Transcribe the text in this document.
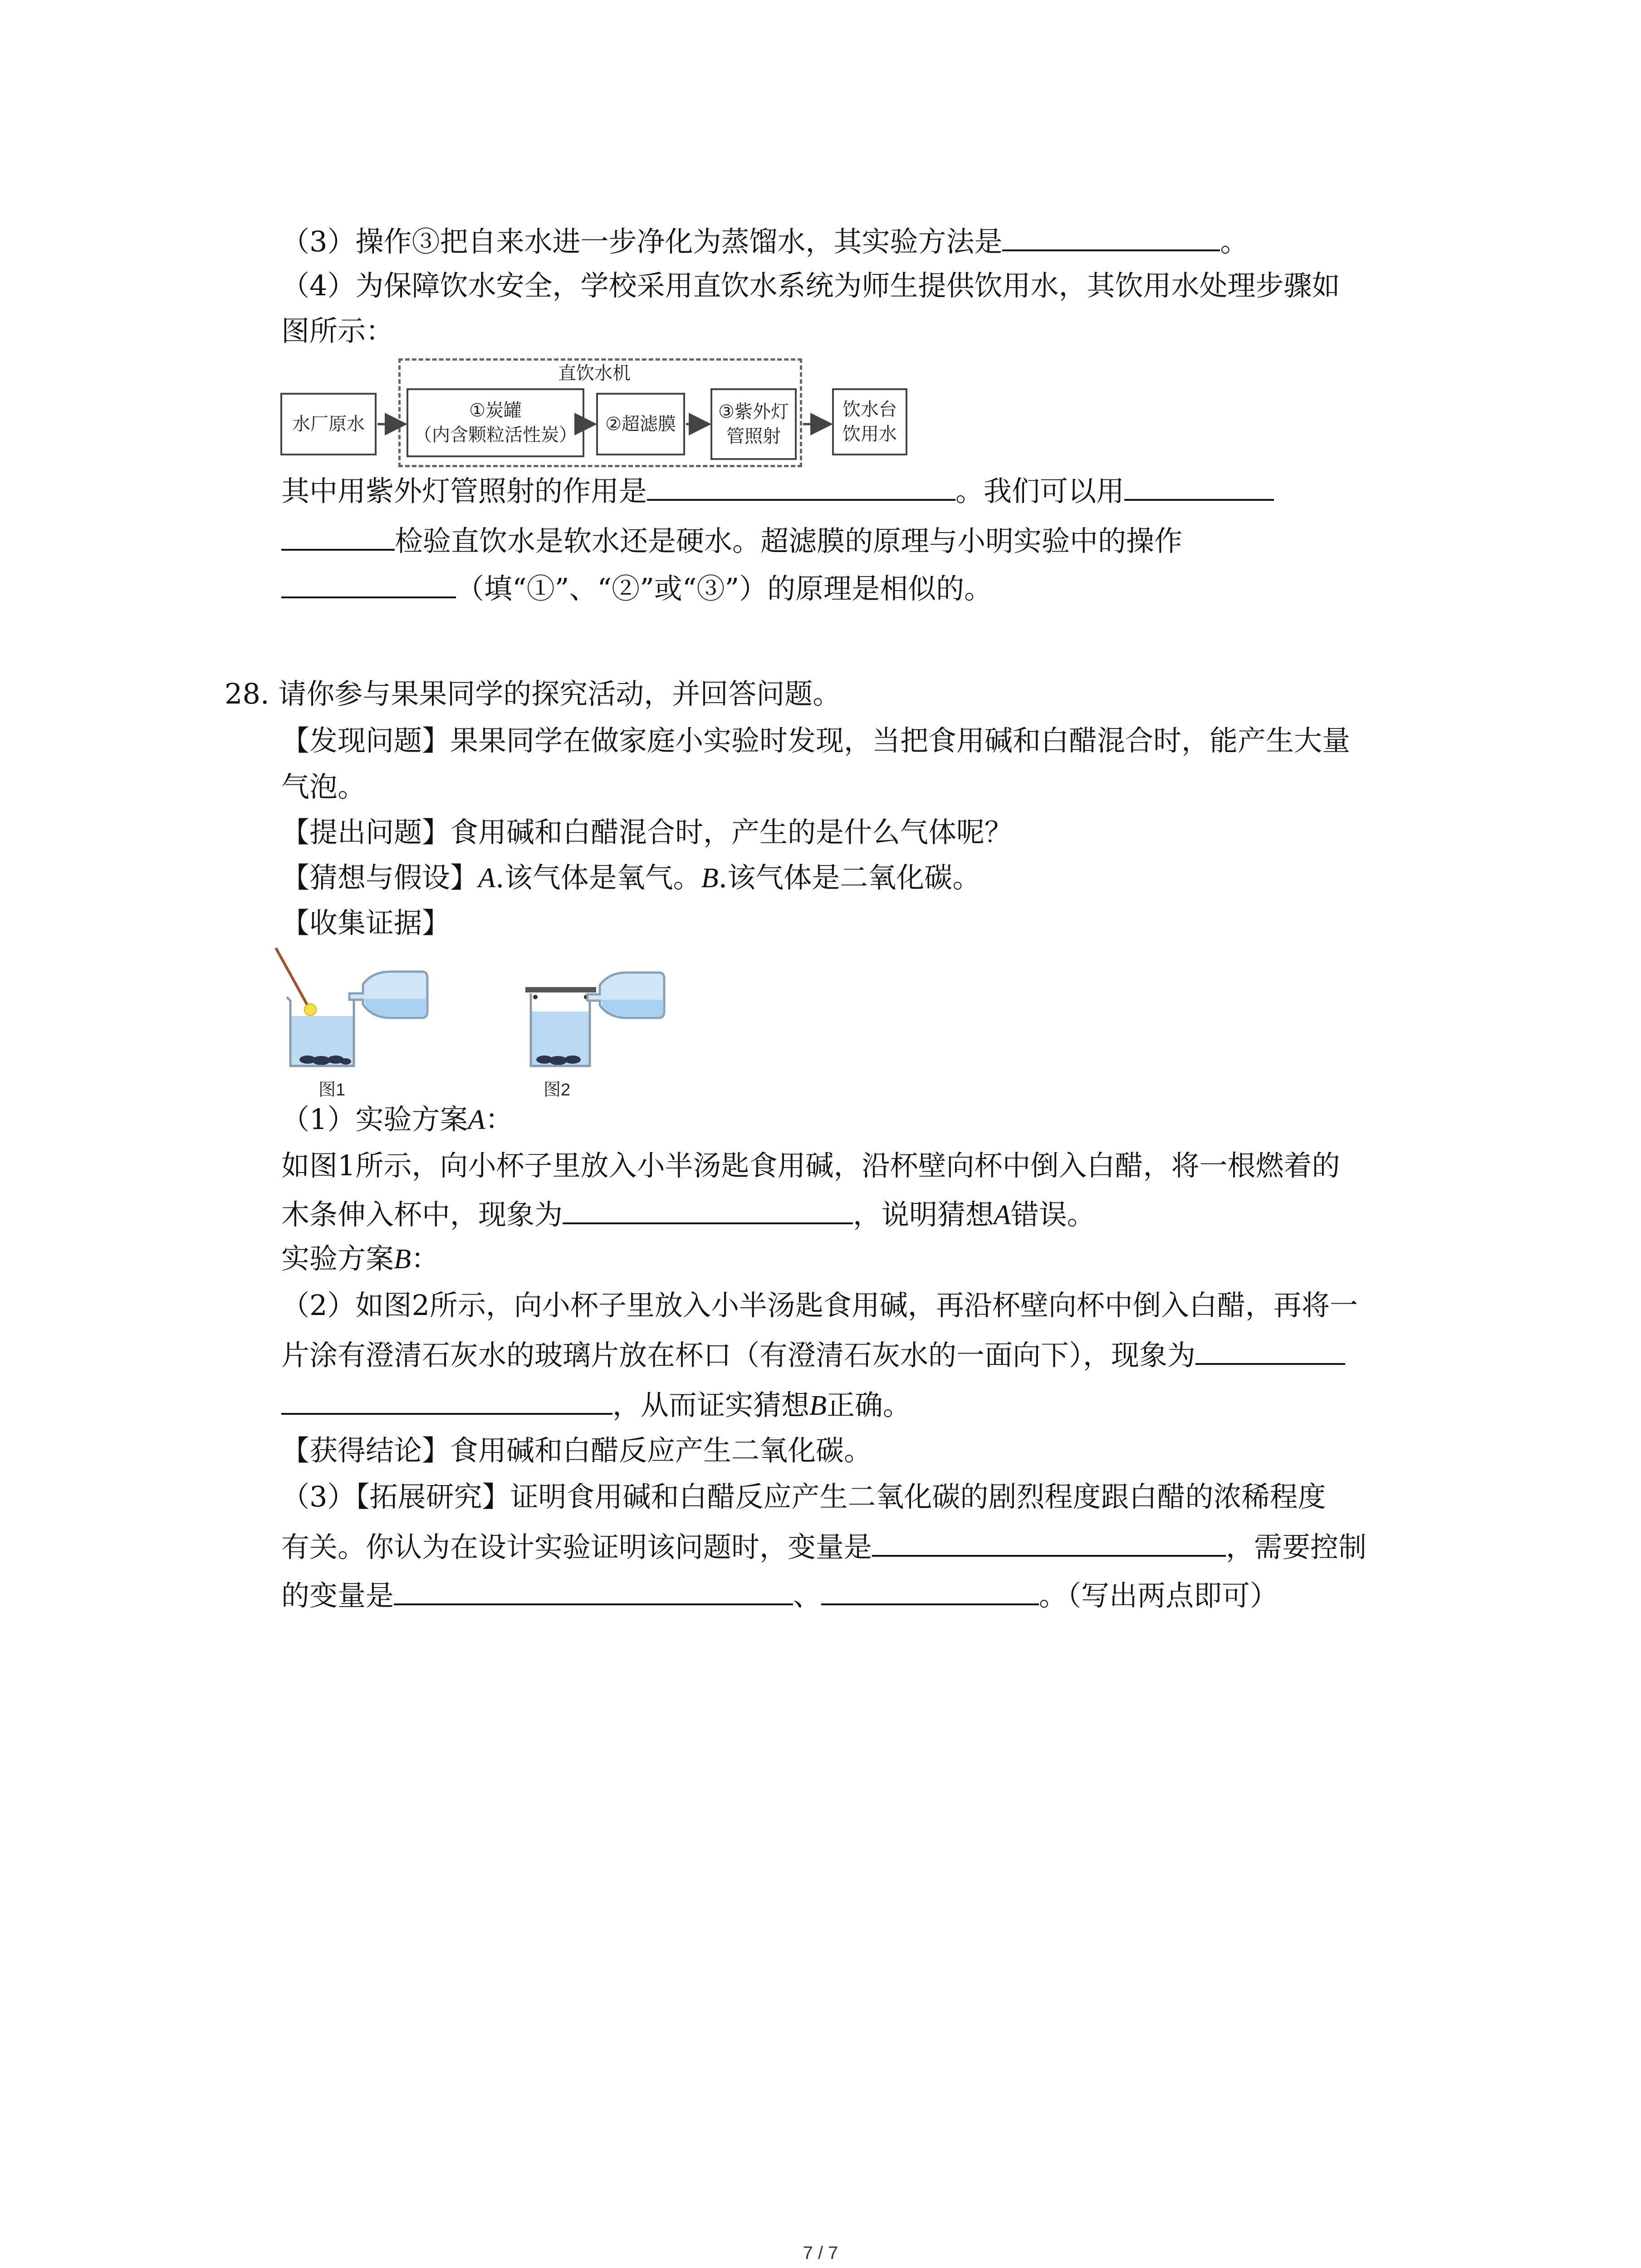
（3）操作③把自来水进一步净化为蒸馏水，其实验方法是	。
（4）为保障饮水安全，学校采用直饮水系统为师生提供饮用水，其饮用水处理步骤如
图所示：
直饮水机
水厂原水
①炭罐
（内含颗粒活性炭）
②超滤膜
③紫外灯
管照射
饮水台
饮用水
其中用紫外灯管照射的作用是	。我们可以用
检验直饮水是软水还是硬水。超滤膜的原理与小明实验中的操作
（填“①”、“②”或“③”）的原理是相似的。
28. 请你参与果果同学的探究活动，并回答问题。
【发现问题】果果同学在做家庭小实验时发现，当把食用碱和白醋混合时，能产生大量
气泡。
【提出问题】食用碱和白醋混合时，产生的是什么气体呢？
【猜想与假设】A.该气体是氧气。B.该气体是二氧化碳。
【收集证据】
图1	图2
（1）实验方案A：
如图1所示，向小杯子里放入小半汤匙食用碱，沿杯壁向杯中倒入白醋，将一根燃着的
木条伸入杯中，现象为	，说明猜想A错误。
实验方案B：
（2）如图2所示，向小杯子里放入小半汤匙食用碱，再沿杯壁向杯中倒入白醋，再将一
片涂有澄清石灰水的玻璃片放在杯口（有澄清石灰水的一面向下），现象为
，从而证实猜想B正确。
【获得结论】食用碱和白醋反应产生二氧化碳。
（3）【拓展研究】证明食用碱和白醋反应产生二氧化碳的剧烈程度跟白醋的浓稀程度
有关。你认为在设计实验证明该问题时，变量是	，需要控制
的变量是	、	。（写出两点即可）
7 / 7
